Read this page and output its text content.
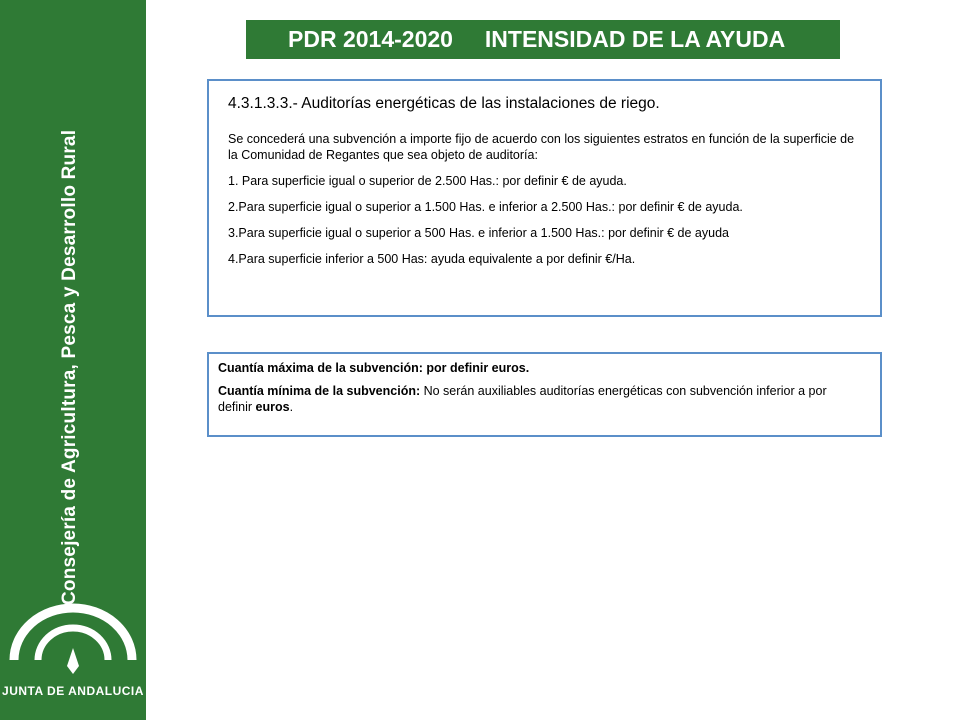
Consejería de Agricultura, Pesca y Desarrollo Rural
JUNTA DE ANDALUCIA
PDR 2014-2020     INTENSIDAD DE LA AYUDA

4.3.1.3.3.- Auditorías energéticas de las instalaciones de riego.

Se concederá una subvención a importe fijo de acuerdo con los siguientes estratos en función de la superficie de la Comunidad de Regantes que sea objeto de auditoría:

1. Para superficie igual o superior de 2.500 Has.: por definir € de ayuda.

2.Para superficie igual o superior a 1.500 Has. e inferior a 2.500 Has.: por definir € de ayuda.

3.Para superficie igual o superior a 500 Has. e inferior a 1.500 Has.: por definir € de ayuda

4.Para superficie inferior a 500 Has: ayuda equivalente a por definir €/Ha.

Cuantía máxima de la subvención: por definir euros.

Cuantía mínima de la subvención: No serán auxiliables auditorías energéticas con subvención inferior a por definir euros.
